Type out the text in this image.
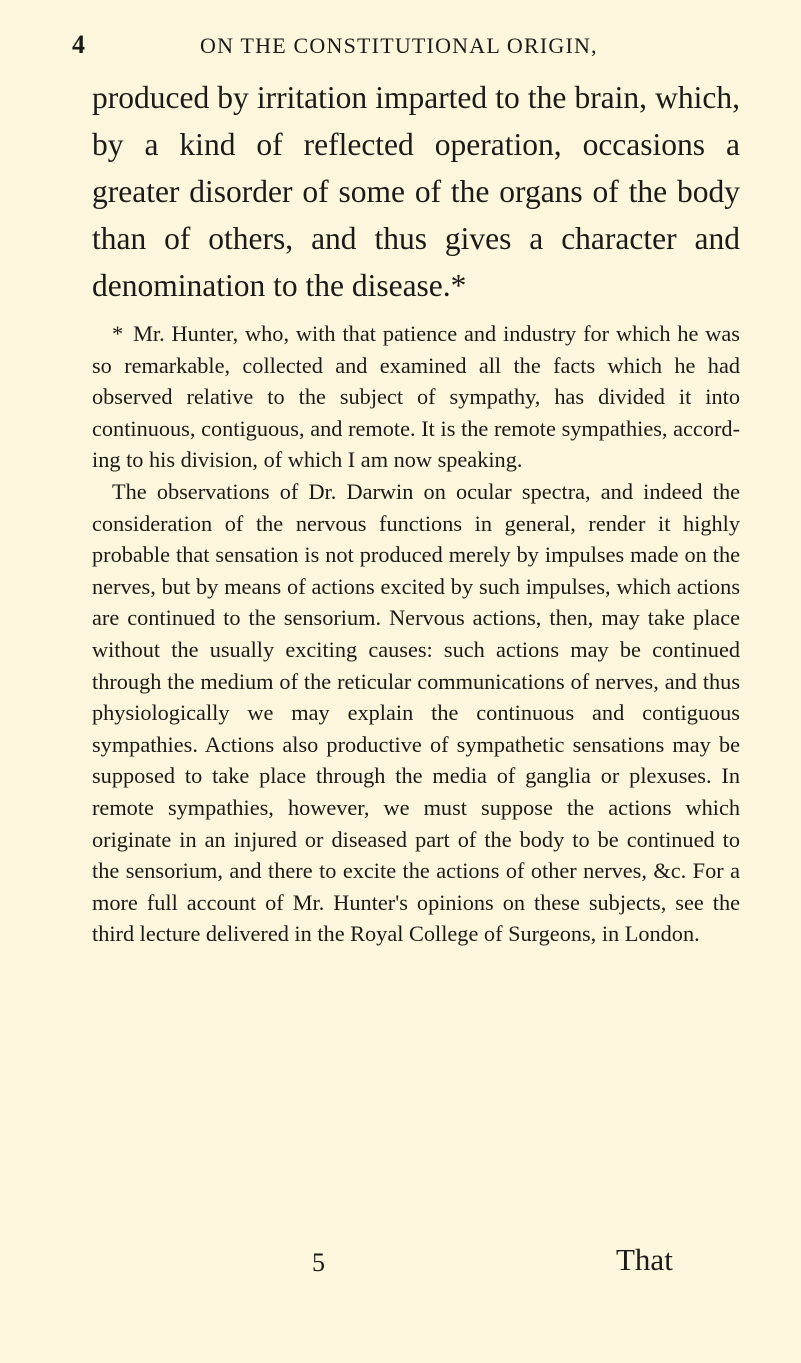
4	ON THE CONSTITUTIONAL ORIGIN,

produced by irritation imparted to the brain, which, by a kind of reflected operation, occasions a greater disorder of some of the organs of the body than of others, and thus gives a character and denomination to the disease.*

* Mr. Hunter, who, with that patience and industry for which he was so remarkable, collected and examined all the facts which he had observed relative to the subject of sympathy, has divided it into continuous, contiguous, and remote. It is the remote sympathies, according to his division, of which I am now speaking.

The observations of Dr. Darwin on ocular spectra, and indeed the consideration of the nervous functions in general, render it highly probable that sensation is not produced merely by impulses made on the nerves, but by means of actions excited by such impulses, which actions are continued to the sensorium. Nervous actions, then, may take place without the usually exciting causes: such actions may be continued through the medium of the reticular communications of nerves, and thus physiologically we may explain the continuous and contiguous sympathies. Actions also productive of sympathetic sensations may be supposed to take place through the media of ganglia or plexuses. In remote sympathies, however, we must suppose the actions which originate in an injured or diseased part of the body to be continued to the sensorium, and there to excite the actions of other nerves, &c. For a more full account of Mr. Hunter's opinions on these subjects, see the third lecture delivered in the Royal College of Surgeons, in London.

5	That
